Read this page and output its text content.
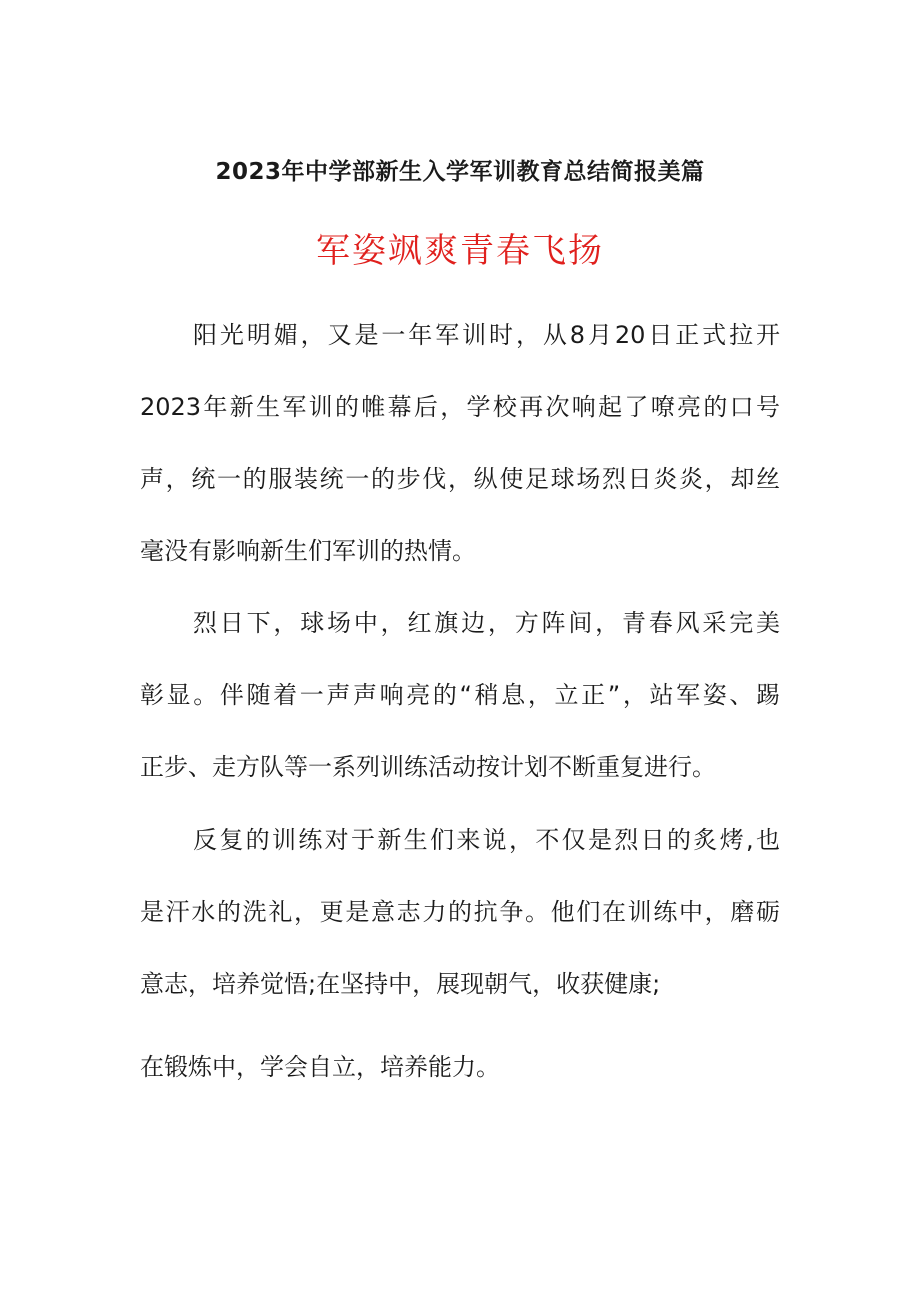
2023年中学部新生入学军训教育总结简报美篇
军姿飒爽青春飞扬
阳光明媚，又是一年军训时，从8月20日正式拉开
2023年新生军训的帷幕后，学校再次响起了嘹亮的口号
声，统一的服装统一的步伐，纵使足球场烈日炎炎，却丝
毫没有影响新生们军训的热情。
烈日下，球场中，红旗边，方阵间，青春风采完美
彰显。伴随着一声声响亮的“稍息，立正”，站军姿、踢
正步、走方队等一系列训练活动按计划不断重复进行。
反复的训练对于新生们来说，不仅是烈日的炙烤,也
是汗水的洗礼，更是意志力的抗争。他们在训练中，磨砺
意志，培养觉悟;在坚持中，展现朝气，收获健康;
在锻炼中，学会自立，培养能力。
